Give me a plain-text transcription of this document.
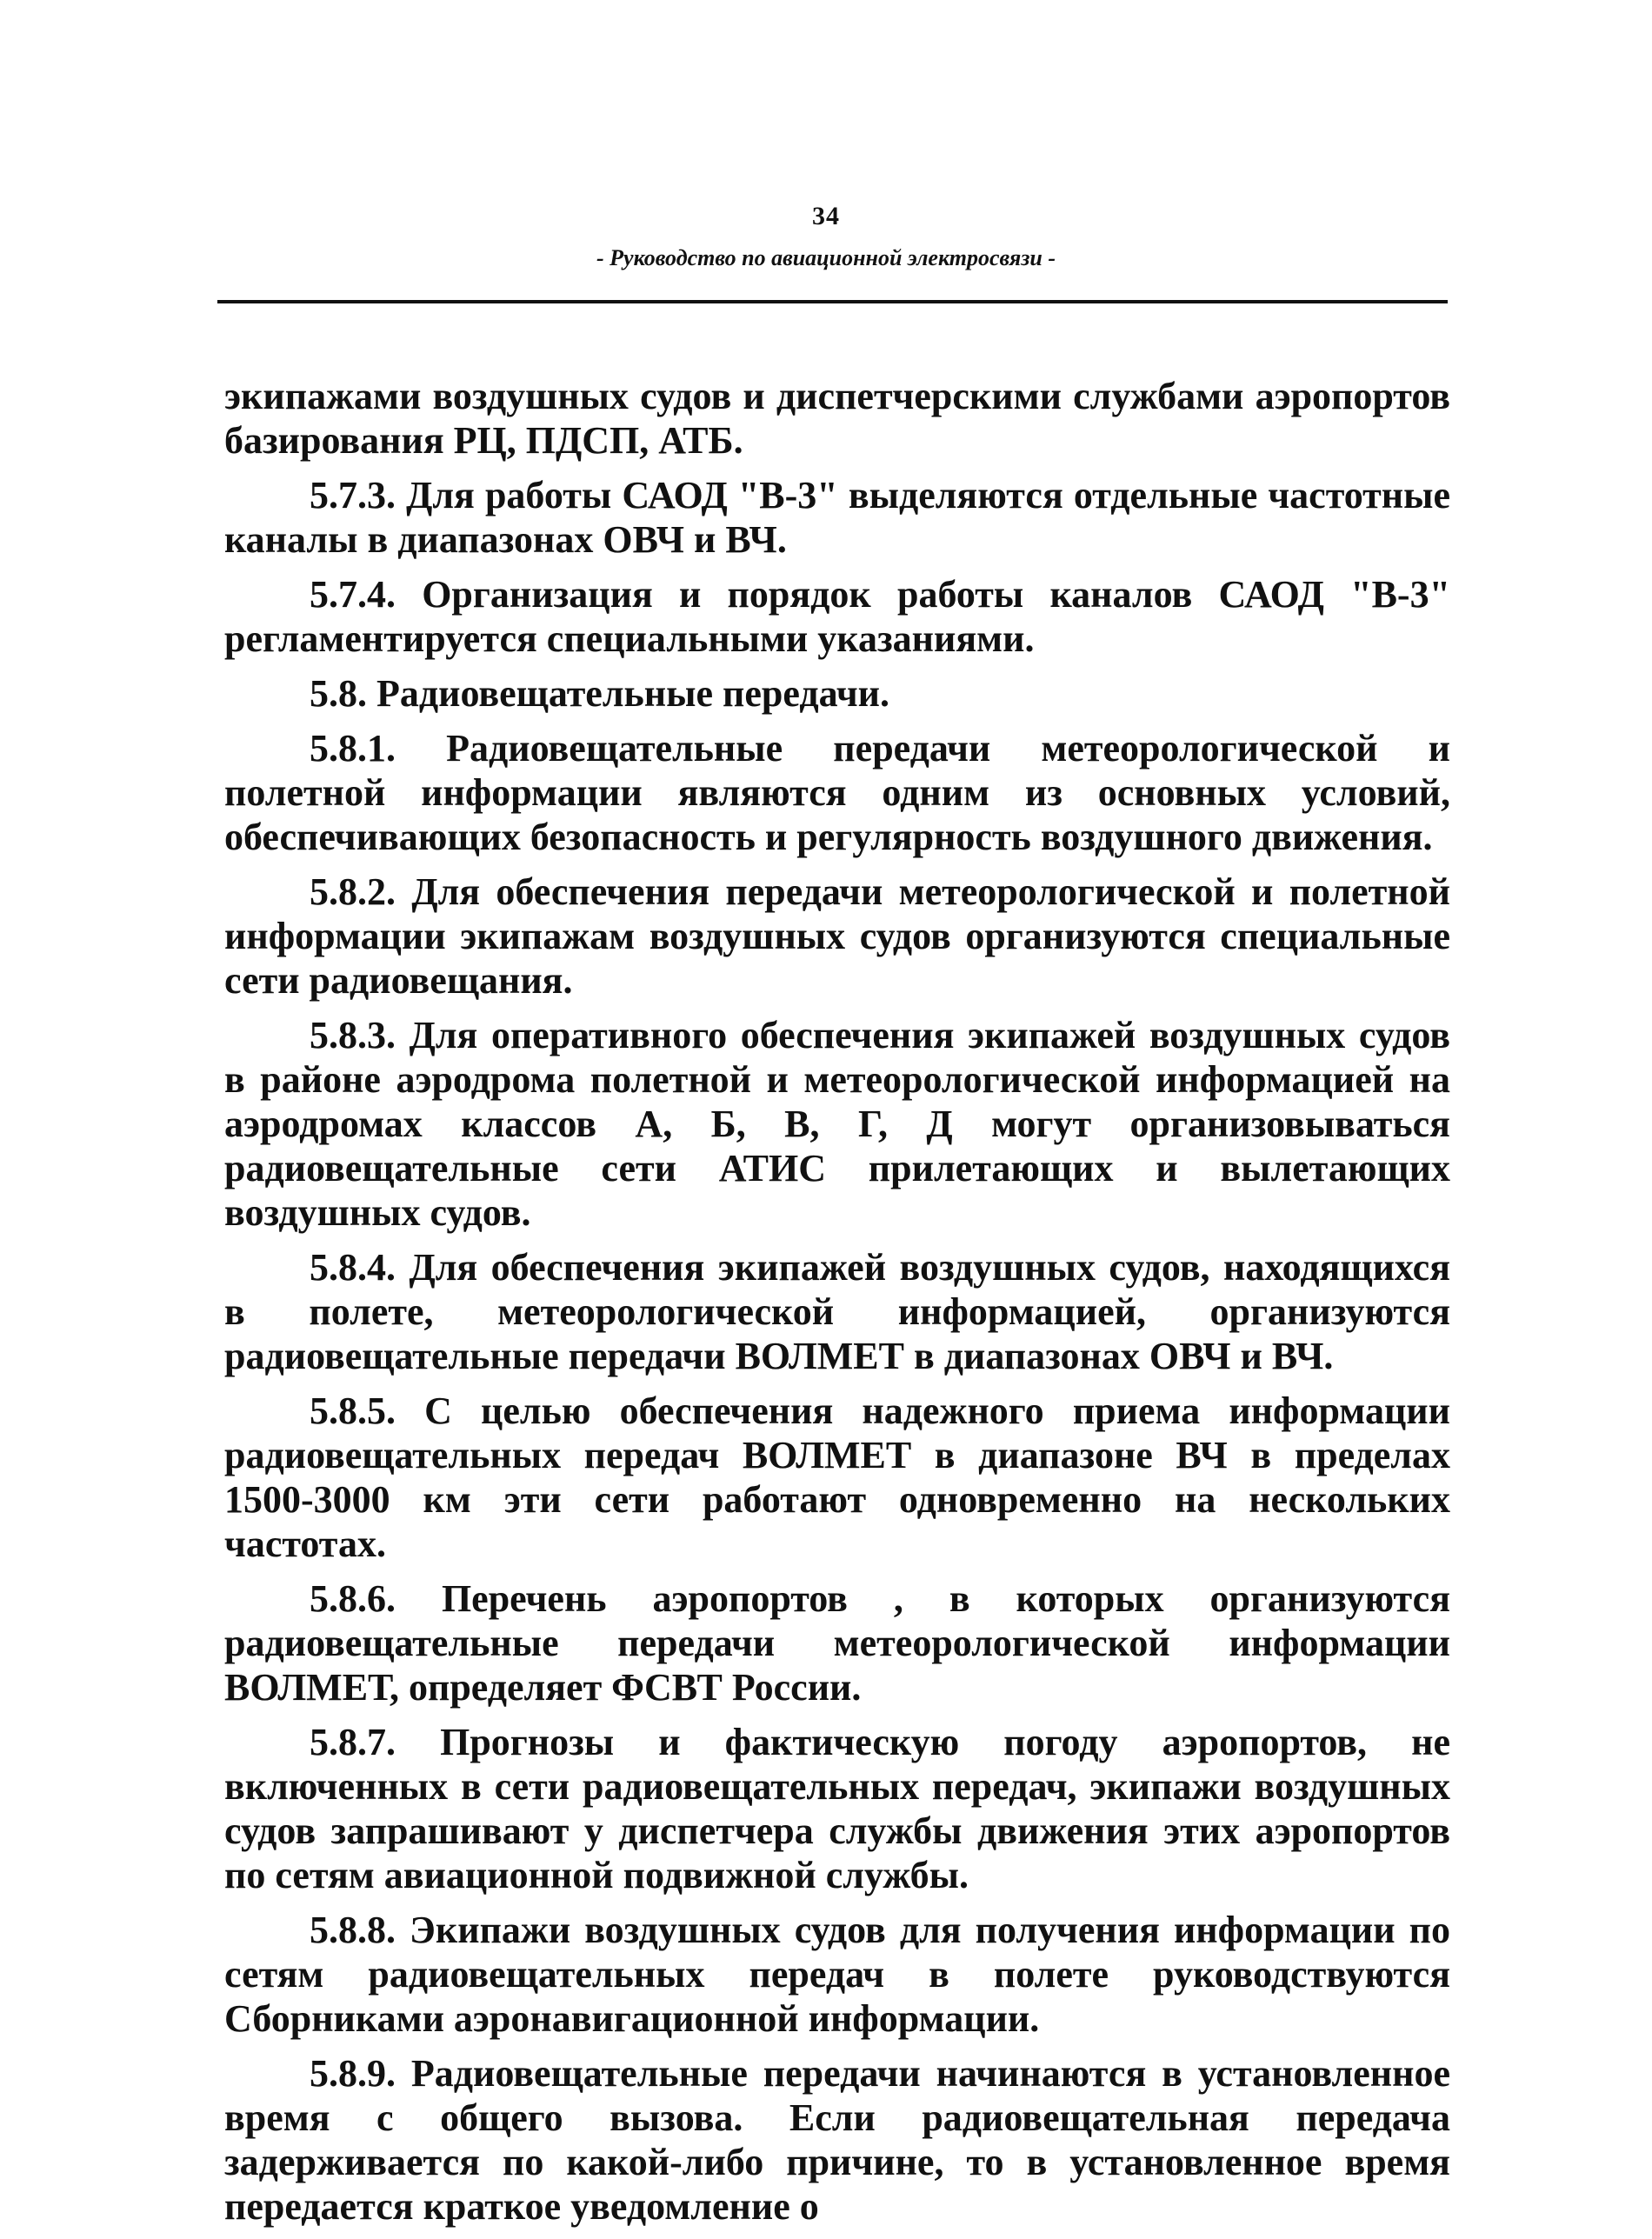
34
- Руководство по авиационной электросвязи -

экипажами воздушных судов и диспетчерскими службами аэропортов базирования РЦ, ПДСП, АТБ.

5.7.3. Для работы САОД "В-3" выделяются отдельные частотные каналы в диапазонах ОВЧ и ВЧ.

5.7.4. Организация и порядок работы каналов САОД "В-3" регламентируется специальными указаниями.

5.8. Радиовещательные передачи.

5.8.1. Радиовещательные передачи метеорологической и полетной информации являются одним из основных условий, обеспечивающих безопасность и регулярность воздушного движения.

5.8.2. Для обеспечения передачи метеорологической и полетной информации экипажам воздушных судов организуются специальные сети радиовещания.

5.8.3. Для оперативного обеспечения экипажей воздушных судов в районе аэродрома полетной и метеорологической информацией на аэродромах классов А, Б, В, Г, Д могут организовываться радиовещательные сети АТИС прилетающих и вылетающих воздушных судов.

5.8.4. Для обеспечения экипажей воздушных судов, находящихся в полете, метеорологической информацией, организуются радиовещательные передачи ВОЛМЕТ в диапазонах ОВЧ и ВЧ.

5.8.5. С целью обеспечения надежного приема информации радиовещательных передач ВОЛМЕТ в диапазоне ВЧ в пределах 1500-3000 км эти сети работают одновременно на нескольких частотах.

5.8.6. Перечень аэропортов , в которых организуются радиовещательные передачи метеорологической информации ВОЛМЕТ, определяет ФСВТ России.

5.8.7. Прогнозы и фактическую погоду аэропортов, не включенных в сети радиовещательных передач, экипажи воздушных судов запрашивают у диспетчера службы движения этих аэропортов по сетям авиационной подвижной службы.

5.8.8. Экипажи воздушных судов для получения информации по сетям радиовещательных передач в полете руководствуются Сборниками аэронавигационной информации.

5.8.9. Радиовещательные передачи начинаются в установленное время с общего вызова. Если радиовещательная передача задерживается по какой-либо причине, то в установленное время передается краткое уведомление о
